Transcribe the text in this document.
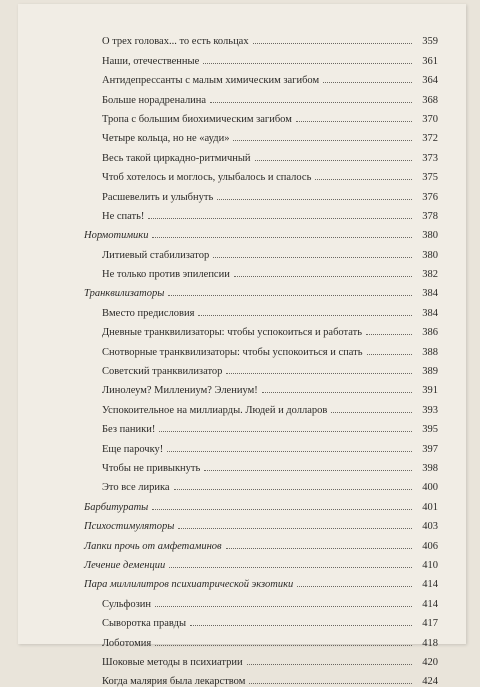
О трех головах... то есть кольцах	359
Наши, отечественные	361
Антидепрессанты с малым химическим загибом	364
Больше норадреналина	368
Тропа с большим биохимическим загибом	370
Четыре кольца, но не «ауди»	372
Весь такой циркадно-ритмичный	373
Чтоб хотелось и моглось, улыбалось и спалось	375
Расшевелить и улыбнуть	376
Не спать!	378
Нормотимики	380
Литиевый стабилизатор	380
Не только против эпилепсии	382
Транквилизаторы	384
Вместо предисловия	384
Дневные транквилизаторы: чтобы успокоиться и работать	386
Снотворные транквилизаторы: чтобы успокоиться и спать	388
Советский транквилизатор	389
Линолеум? Миллениум? Элениум!	391
Успокоительное на миллиарды. Людей и долларов	393
Без паники!	395
Еще парочку!	397
Чтобы не привыкнуть	398
Это все лирика	400
Барбитураты	401
Психостимуляторы	403
Лапки прочь от амфетаминов	406
Лечение деменции	410
Пара миллилитров психиатрической экзотики	414
Сульфозин	414
Сыворотка правды	417
Лоботомия	418
Шоковые методы в психиатрии	420
Когда малярия была лекарством	424
